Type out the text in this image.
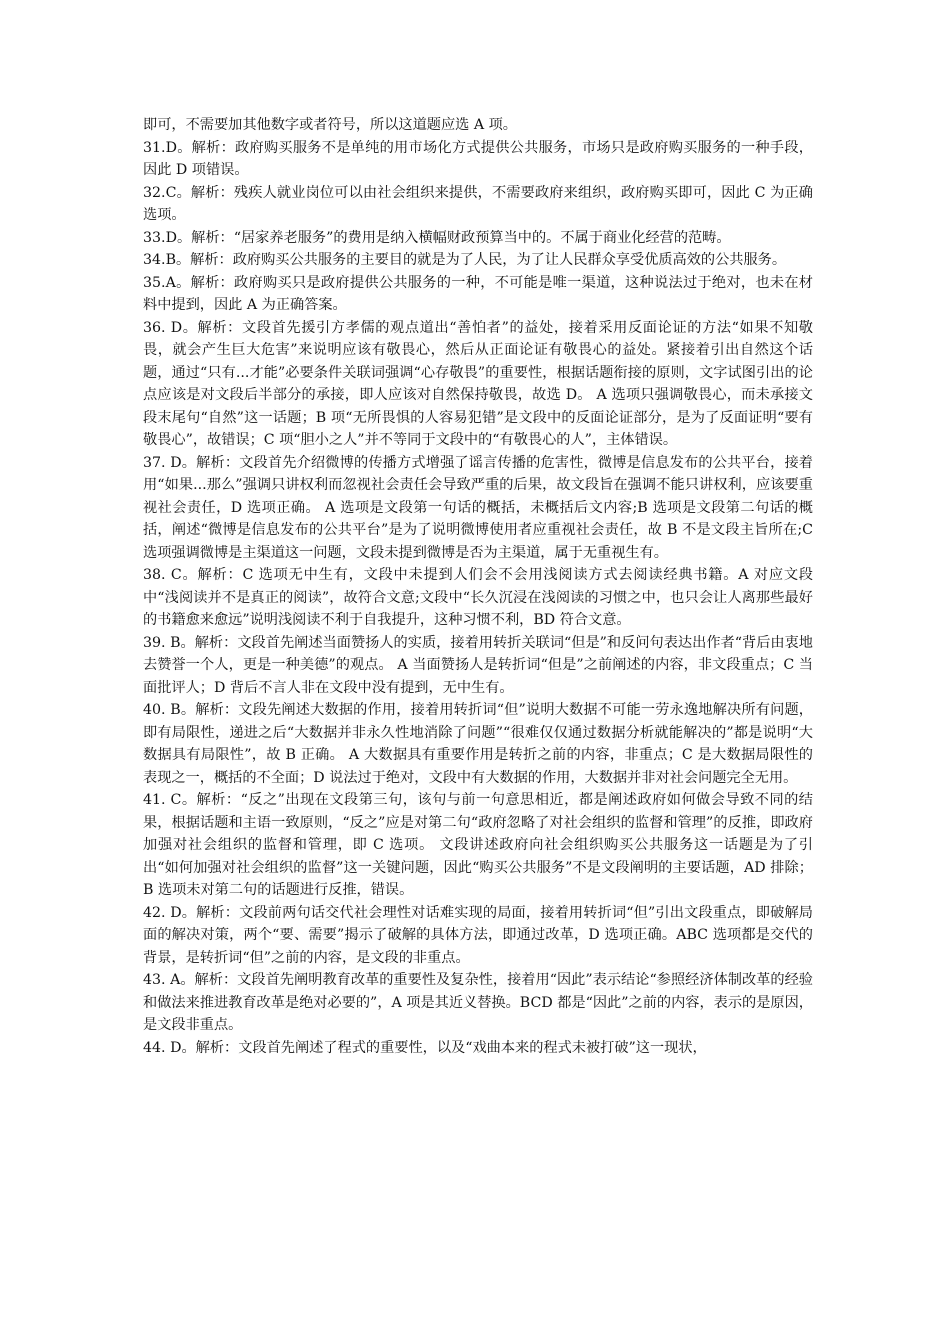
即可，不需要加其他数字或者符号，所以这道题应选 A 项。

31.D。解析：政府购买服务不是单纯的用市场化方式提供公共服务，市场只是政府购买服务的一种手段，因此 D 项错误。

32.C。解析：残疾人就业岗位可以由社会组织来提供，不需要政府来组织，政府购买即可，因此 C 为正确选项。

33.D。解析：“居家养老服务”的费用是纳入横幅财政预算当中的。不属于商业化经营的范畴。

34.B。解析：政府购买公共服务的主要目的就是为了人民，为了让人民群众享受优质高效的公共服务。

35.A。解析：政府购买只是政府提供公共服务的一种，不可能是唯一渠道，这种说法过于绝对，也未在材料中提到，因此 A 为正确答案。

36. D。解析：文段首先援引方孝儒的观点道出“善怕者”的益处，接着采用反面论证的方法“如果不知敬畏，就会产生巨大危害”来说明应该有敬畏心，然后从正面论证有敬畏心的益处。紧接着引出自然这个话题，通过“只有...才能”必要条件关联词强调“心存敬畏”的重要性，根据话题衔接的原则，文字试图引出的论点应该是对文段后半部分的承接，即人应该对自然保持敬畏，故选 D。 A 选项只强调敬畏心，而未承接文段末尾句“自然”这一话题；B 项“无所畏惧的人容易犯错”是文段中的反面论证部分，是为了反面证明“要有敬畏心”，故错误；C 项“胆小之人”并不等同于文段中的“有敬畏心的人”，主体错误。

37. D。解析：文段首先介绍微博的传播方式增强了谣言传播的危害性，微博是信息发布的公共平台，接着用“如果...那么”强调只讲权利而忽视社会责任会导致严重的后果，故文段旨在强调不能只讲权利，应该要重视社会责任，D 选项正确。 A 选项是文段第一句话的概括，未概括后文内容;B 选项是文段第二句话的概括，阐述“微博是信息发布的公共平台”是为了说明微博使用者应重视社会责任，故 B 不是文段主旨所在;C 选项强调微博是主渠道这一问题，文段未提到微博是否为主渠道，属于无重视生有。

38. C。解析：C 选项无中生有，文段中未提到人们会不会用浅阅读方式去阅读经典书籍。A 对应文段中“浅阅读并不是真正的阅读”，故符合文意;文段中“长久沉浸在浅阅读的习惯之中，也只会让人离那些最好的书籍愈来愈远”说明浅阅读不利于自我提升，这种习惯不利，BD 符合文意。

39. B。解析：文段首先阐述当面赞扬人的实质，接着用转折关联词“但是”和反问句表达出作者“背后由衷地去赞誉一个人，更是一种美德”的观点。 A 当面赞扬人是转折词“但是”之前阐述的内容，非文段重点；C 当面批评人；D 背后不言人非在文段中没有提到，无中生有。

40. B。解析：文段先阐述大数据的作用，接着用转折词“但”说明大数据不可能一劳永逸地解决所有问题，即有局限性，递进之后“大数据并非永久性地消除了问题”“很难仅仅通过数据分析就能解决的”都是说明“大数据具有局限性”，故 B 正确。 A 大数据具有重要作用是转折之前的内容，非重点；C 是大数据局限性的表现之一，概括的不全面；D 说法过于绝对，文段中有大数据的作用，大数据并非对社会问题完全无用。

41. C。解析：“反之”出现在文段第三句，该句与前一句意思相近，都是阐述政府如何做会导致不同的结果，根据话题和主语一致原则，“反之”应是对第二句“政府忽略了对社会组织的监督和管理”的反推，即政府加强对社会组织的监督和管理，即 C 选项。 文段讲述政府向社会组织购买公共服务这一话题是为了引出“如何加强对社会组织的监督”这一关键问题，因此“购买公共服务”不是文段阐明的主要话题，AD 排除；B 选项未对第二句的话题进行反推，错误。

42. D。解析：文段前两句话交代社会理性对话难实现的局面，接着用转折词“但”引出文段重点，即破解局面的解决对策，两个“要、需要”揭示了破解的具体方法，即通过改革，D 选项正确。ABC 选项都是交代的背景，是转折词“但”之前的内容，是文段的非重点。

43. A。解析：文段首先阐明教育改革的重要性及复杂性，接着用“因此”表示结论“参照经济体制改革的经验和做法来推进教育改革是绝对必要的”，A 项是其近义替换。BCD 都是“因此”之前的内容，表示的是原因，是文段非重点。

44. D。解析：文段首先阐述了程式的重要性，以及“戏曲本来的程式未被打破”这一现状，
